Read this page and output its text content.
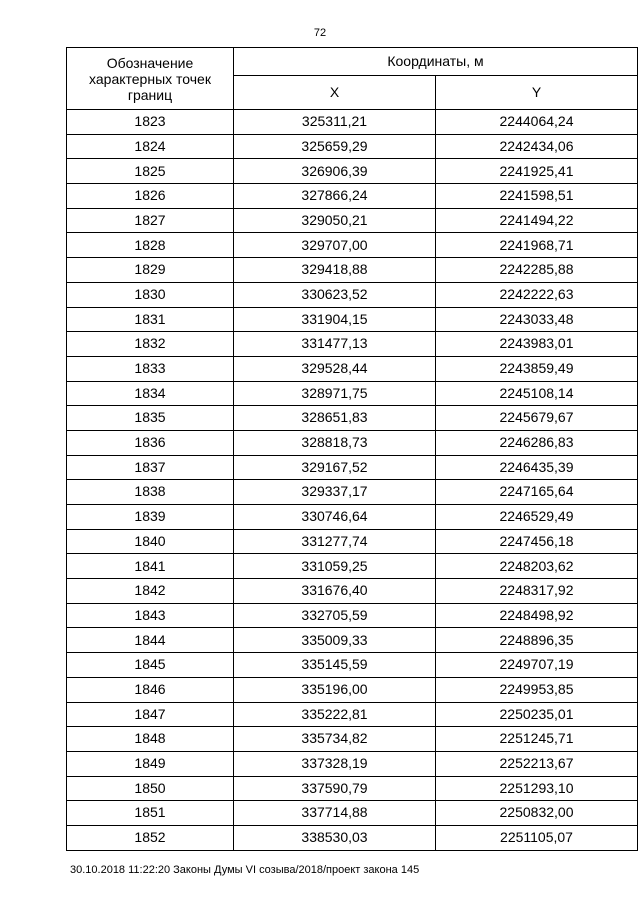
72
Обозначение характерных точек границ	Координаты, м	
	X	Y
1823	325311,21	2244064,24
1824	325659,29	2242434,06
1825	326906,39	2241925,41
1826	327866,24	2241598,51
1827	329050,21	2241494,22
1828	329707,00	2241968,71
1829	329418,88	2242285,88
1830	330623,52	2242222,63
1831	331904,15	2243033,48
1832	331477,13	2243983,01
1833	329528,44	2243859,49
1834	328971,75	2245108,14
1835	328651,83	2245679,67
1836	328818,73	2246286,83
1837	329167,52	2246435,39
1838	329337,17	2247165,64
1839	330746,64	2246529,49
1840	331277,74	2247456,18
1841	331059,25	2248203,62
1842	331676,40	2248317,92
1843	332705,59	2248498,92
1844	335009,33	2248896,35
1845	335145,59	2249707,19
1846	335196,00	2249953,85
1847	335222,81	2250235,01
1848	335734,82	2251245,71
1849	337328,19	2252213,67
1850	337590,79	2251293,10
1851	337714,88	2250832,00
1852	338530,03	2251105,07
30.10.2018 11:22:20 Законы Думы VI созыва/2018/проект закона 145
